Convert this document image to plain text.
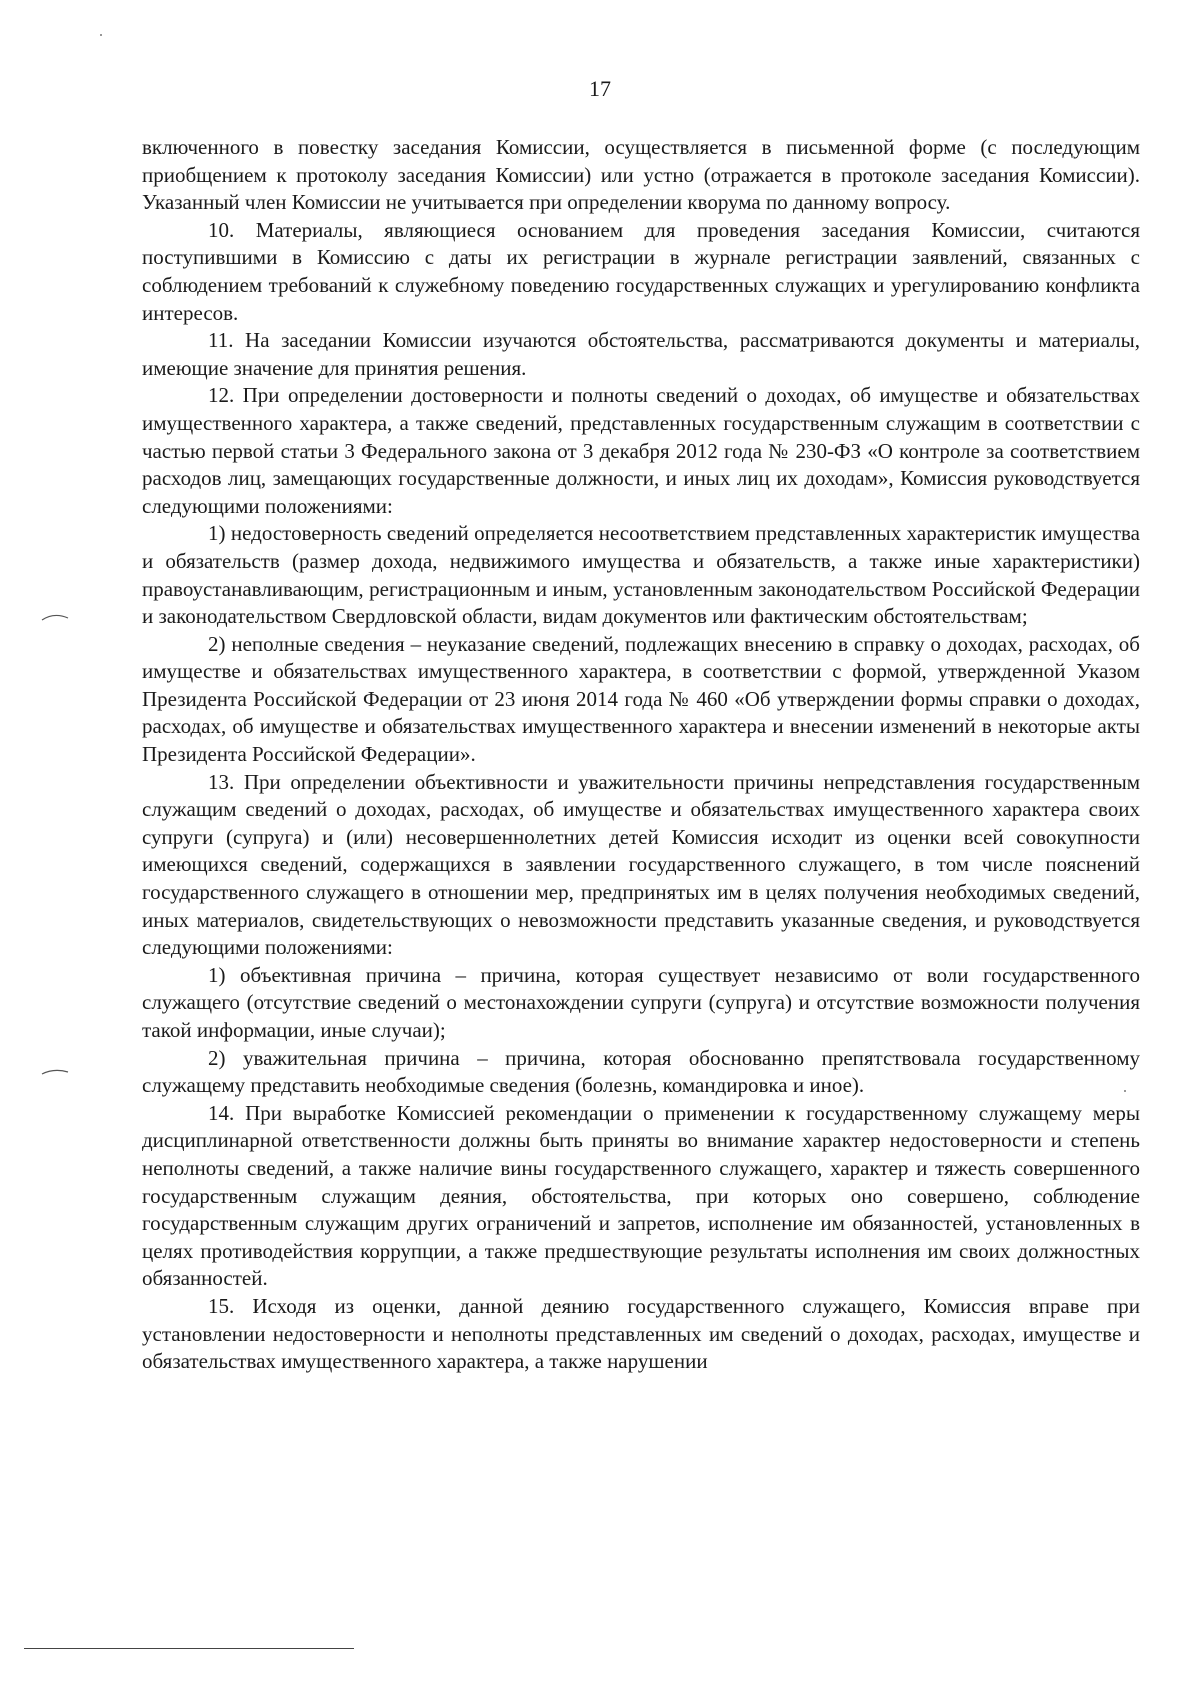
17

включенного в повестку заседания Комиссии, осуществляется в письменной форме (с последующим приобщением к протоколу заседания Комиссии) или устно (отражается в протоколе заседания Комиссии). Указанный член Комиссии не учитывается при определении кворума по данному вопросу.

10. Материалы, являющиеся основанием для проведения заседания Комиссии, считаются поступившими в Комиссию с даты их регистрации в журнале регистрации заявлений, связанных с соблюдением требований к служебному поведению государственных служащих и урегулированию конфликта интересов.

11. На заседании Комиссии изучаются обстоятельства, рассматриваются документы и материалы, имеющие значение для принятия решения.

12. При определении достоверности и полноты сведений о доходах, об имуществе и обязательствах имущественного характера, а также сведений, представленных государственным служащим в соответствии с частью первой статьи 3 Федерального закона от 3 декабря 2012 года № 230-ФЗ «О контроле за соответствием расходов лиц, замещающих государственные должности, и иных лиц их доходам», Комиссия руководствуется следующими положениями:

1) недостоверность сведений определяется несоответствием представленных характеристик имущества и обязательств (размер дохода, недвижимого имущества и обязательств, а также иные характеристики) правоустанавливающим, регистрационным и иным, установленным законодательством Российской Федерации и законодательством Свердловской области, видам документов или фактическим обстоятельствам;

2) неполные сведения – неуказание сведений, подлежащих внесению в справку о доходах, расходах, об имуществе и обязательствах имущественного характера, в соответствии с формой, утвержденной Указом Президента Российской Федерации от 23 июня 2014 года № 460 «Об утверждении формы справки о доходах, расходах, об имуществе и обязательствах имущественного характера и внесении изменений в некоторые акты Президента Российской Федерации».

13. При определении объективности и уважительности причины непредставления государственным служащим сведений о доходах, расходах, об имуществе и обязательствах имущественного характера своих супруги (супруга) и (или) несовершеннолетних детей Комиссия исходит из оценки всей совокупности имеющихся сведений, содержащихся в заявлении государственного служащего, в том числе пояснений государственного служащего в отношении мер, предпринятых им в целях получения необходимых сведений, иных материалов, свидетельствующих о невозможности представить указанные сведения, и руководствуется следующими положениями:

1) объективная причина – причина, которая существует независимо от воли государственного служащего (отсутствие сведений о местонахождении супруги (супруга) и отсутствие возможности получения такой информации, иные случаи);

2) уважительная причина – причина, которая обоснованно препятствовала государственному служащему представить необходимые сведения (болезнь, командировка и иное).

14. При выработке Комиссией рекомендации о применении к государственному служащему меры дисциплинарной ответственности должны быть приняты во внимание характер недостоверности и степень неполноты сведений, а также наличие вины государственного служащего, характер и тяжесть совершенного государственным служащим деяния, обстоятельства, при которых оно совершено, соблюдение государственным служащим других ограничений и запретов, исполнение им обязанностей, установленных в целях противодействия коррупции, а также предшествующие результаты исполнения им своих должностных обязанностей.

15. Исходя из оценки, данной деянию государственного служащего, Комиссия вправе при установлении недостоверности и неполноты представленных им сведений о доходах, расходах, имуществе и обязательствах имущественного характера, а также нарушении
